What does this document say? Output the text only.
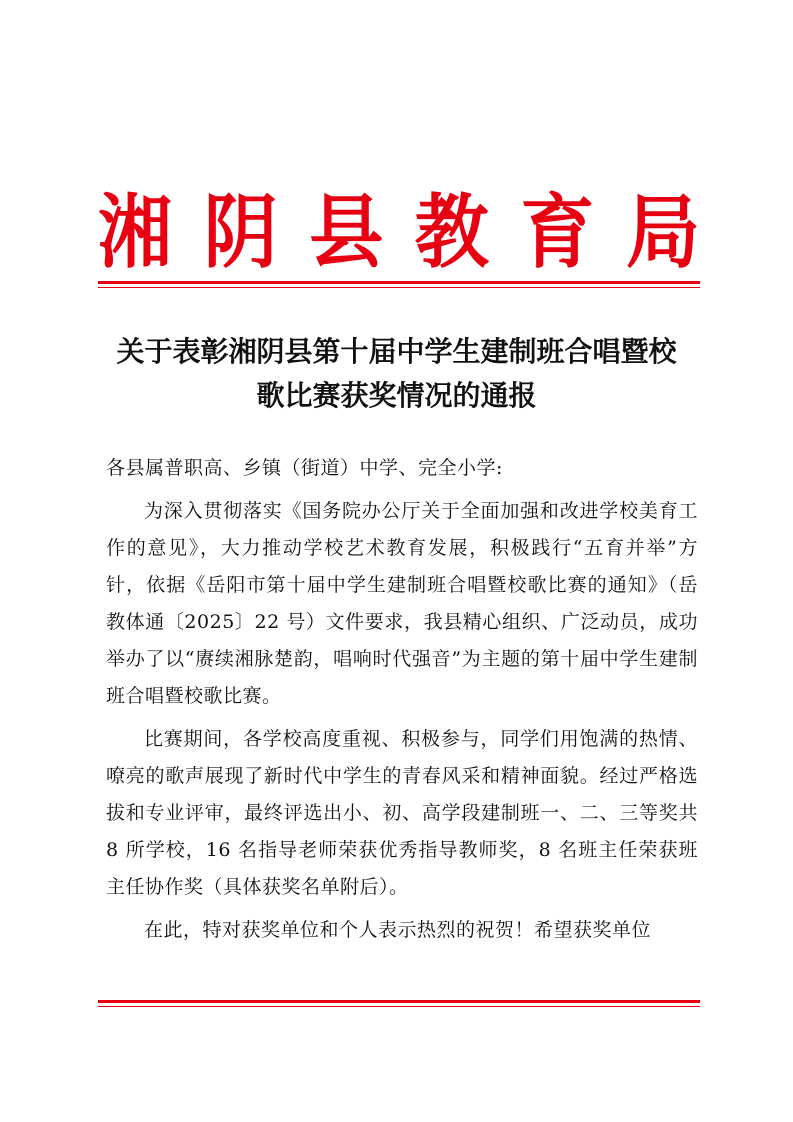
湘 阴 县 教 育 局
关于表彰湘阴县第十届中学生建制班合唱暨校
歌比赛获奖情况的通报

各县属普职高、乡镇（街道）中学、完全小学:

为深入贯彻落实《国务院办公厅关于全面加强和改进学校美育工作的意见》，大力推动学校艺术教育发展，积极践行“五育并举”方针，依据《岳阳市第十届中学生建制班合唱暨校歌比赛的通知》（岳教体通〔2025〕22 号）文件要求，我县精心组织、广泛动员，成功举办了以“赓续湘脉楚韵，唱响时代强音”为主题的第十届中学生建制班合唱暨校歌比赛。

比赛期间，各学校高度重视、积极参与，同学们用饱满的热情、嘹亮的歌声展现了新时代中学生的青春风采和精神面貌。经过严格选拔和专业评审，最终评选出小、初、高学段建制班一、二、三等奖共 8 所学校，16 名指导老师荣获优秀指导教师奖，8 名班主任荣获班主任协作奖（具体获奖名单附后）。

在此，特对获奖单位和个人表示热烈的祝贺！希望获奖单位
